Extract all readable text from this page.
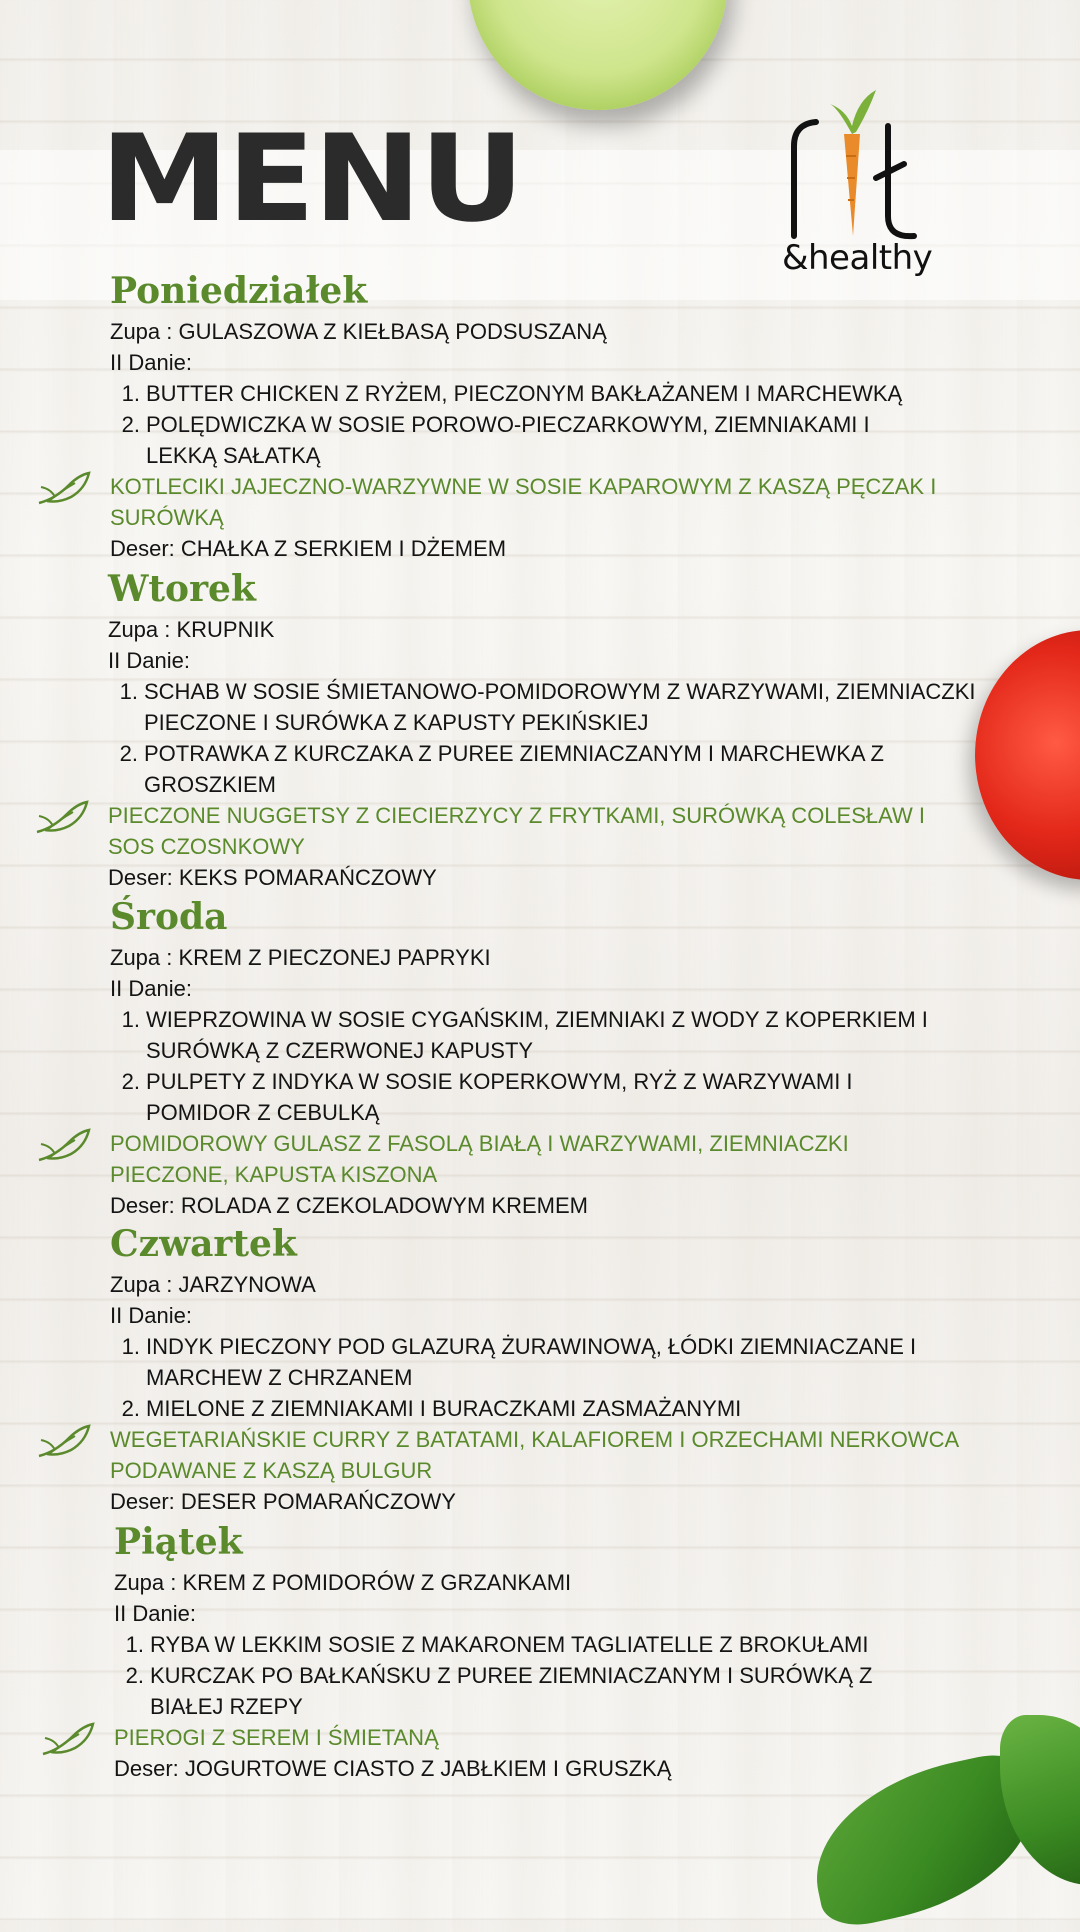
MENU
&healthy
Poniedziałek

Zupa : GULASZOWA Z KIEŁBASĄ PODSUSZANĄ

II Danie:

1. BUTTER CHICKEN Z RYŻEM, PIECZONYM BAKŁAŻANEM I MARCHEWKĄ
2. POLĘDWICZKA W SOSIE POROWO-PIECZARKOWYM, ZIEMNIAKAMI I LEKKĄ SAŁATKĄ

KOTLECIKI JAJECZNO-WARZYWNE W SOSIE KAPAROWYM Z KASZĄ PĘCZAK I SURÓWKĄ

Deser: CHAŁKA Z SERKIEM I DŻEMEM

Wtorek

Zupa : KRUPNIK

II Danie:

1. SCHAB W SOSIE ŚMIETANOWO-POMIDOROWYM Z WARZYWAMI, ZIEMNIACZKI PIECZONE I SURÓWKA Z KAPUSTY PEKIŃSKIEJ
2. POTRAWKA Z KURCZAKA Z PUREE ZIEMNIACZANYM I MARCHEWKA Z GROSZKIEM

PIECZONE NUGGETSY Z CIECIERZYCY Z FRYTKAMI, SURÓWKĄ COLESŁAW I SOS CZOSNKOWY

Deser: KEKS POMARAŃCZOWY

Środa

Zupa : KREM Z PIECZONEJ PAPRYKI

II Danie:

1. WIEPRZOWINA W SOSIE CYGAŃSKIM, ZIEMNIAKI Z WODY Z KOPERKIEM I SURÓWKĄ Z CZERWONEJ KAPUSTY
2. PULPETY Z INDYKA W SOSIE KOPERKOWYM, RYŻ Z WARZYWAMI I POMIDOR Z CEBULKĄ

POMIDOROWY GULASZ Z FASOLĄ BIAŁĄ I WARZYWAMI, ZIEMNIACZKI PIECZONE, KAPUSTA KISZONA

Deser: ROLADA Z CZEKOLADOWYM KREMEM

Czwartek

Zupa : JARZYNOWA

II Danie:

1. INDYK PIECZONY POD GLAZURĄ ŻURAWINOWĄ, ŁÓDKI ZIEMNIACZANE I MARCHEW Z CHRZANEM
2. MIELONE Z ZIEMNIAKAMI I BURACZKAMI ZASMAŻANYMI

WEGETARIAŃSKIE CURRY Z BATATAMI, KALAFIOREM I ORZECHAMI NERKOWCA PODAWANE Z KASZĄ BULGUR

Deser: DESER POMARAŃCZOWY

Piątek

Zupa : KREM Z POMIDORÓW Z GRZANKAMI

II Danie:

1. RYBA W LEKKIM SOSIE Z MAKARONEM TAGLIATELLE Z BROKUŁAMI
2. KURCZAK PO BAŁKAŃSKU Z PUREE ZIEMNIACZANYM I SURÓWKĄ Z BIAŁEJ RZEPY

PIEROGI Z SEREM I ŚMIETANĄ

Deser: JOGURTOWE CIASTO Z JABŁKIEM I GRUSZKĄ
